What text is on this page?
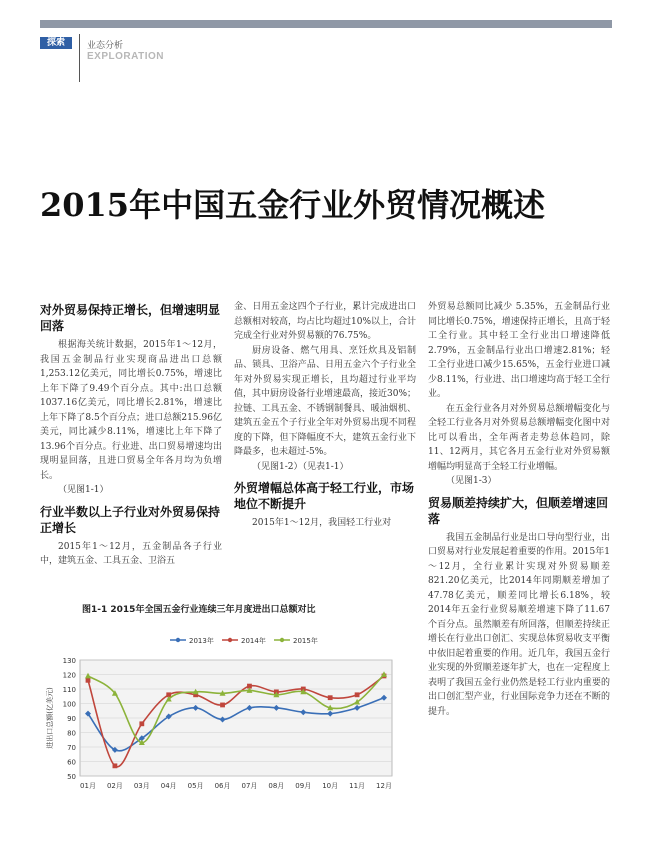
探索	业态分析
EXPLORATION
2015年中国五金行业外贸情况概述
对外贸易保持正增长，但增速明显回落

根据海关统计数据，2015年1～12月，我国五金制品行业实现商品进出口总额1,253.12亿美元，同比增长0.75%，增速比上年下降了9.49个百分点。其中:出口总额1037.16亿美元，同比增长2.81%，增速比上年下降了8.5个百分点；进口总额215.96亿美元，同比减少8.11%，增速比上年下降了13.96个百分点。行业进、出口贸易增速均出现明显回落，且进口贸易全年各月均为负增长。

（见图1-1）

行业半数以上子行业对外贸易保持正增长

2015年1～12月，五金制品各子行业中，建筑五金、工具五金、卫浴五

金、日用五金这四个子行业，累计完成进出口总额相对较高，均占比均超过10%以上，合计完成全行业对外贸易额的76.75%。

厨房设备、燃气用具、烹饪炊具及铝制品、锁具、卫浴产品、日用五金六个子行业全年对外贸易实现正增长，且均超过行业平均值，其中厨房设备行业增速最高，接近30%；拉链、工具五金、不锈钢制餐具、暖油烟机、建筑五金五个子行业全年对外贸易出现不同程度的下降，但下降幅度不大，建筑五金行业下降最多，也未超过-5%。

（见图1-2）（见表1-1）

外贸增幅总体高于轻工行业，市场地位不断提升

2015年1～12月，我国轻工行业对

外贸易总额同比减少 5.35%，五金制品行业同比增长0.75%，增速保持正增长，且高于轻工全行业。其中轻工全行业出口增速降低2.79%，五金制品行业出口增速2.81%；轻工全行业进口减少15.65%，五金行业进口减少8.11%，行业进、出口增速均高于轻工全行业。

在五金行业各月对外贸易总额增幅变化与全轻工行业各月对外贸易总额增幅变化图中对比可以看出，全年两者走势总体趋同，除11、12两月，其它各月五金行业对外贸易额增幅均明显高于全轻工行业增幅。

（见图1-3）

贸易顺差持续扩大，但顺差增速回落

我国五金制品行业是出口导向型行业，出口贸易对行业发展起着重要的作用。2015年1～12月，全行业累计实现对外贸易顺差821.20亿美元，比2014年同期顺差增加了47.78亿美元，顺差同比增长6.18%，较2014年五金行业贸易顺差增速下降了11.67个百分点。虽然顺差有所回落，但顺差持续正增长在行业出口创汇、实现总体贸易收支平衡中依旧起着重要的作用。近几年，我国五金行业实现的外贸顺差逐年扩大，也在一定程度上表明了我国五金行业仍然是轻工行业内重要的出口创汇型产业，行业国际竞争力还在不断的提升。

图1-1 2015年全国五金行业连续三年月度进出口总额对比
50
60
70
80
90
100
110
120
130
01月 02月 03月 04月 05月 06月 07月 08月 09月 10月 11月 12月
进出口总额(亿美元)
2013年	2014年	2015年
